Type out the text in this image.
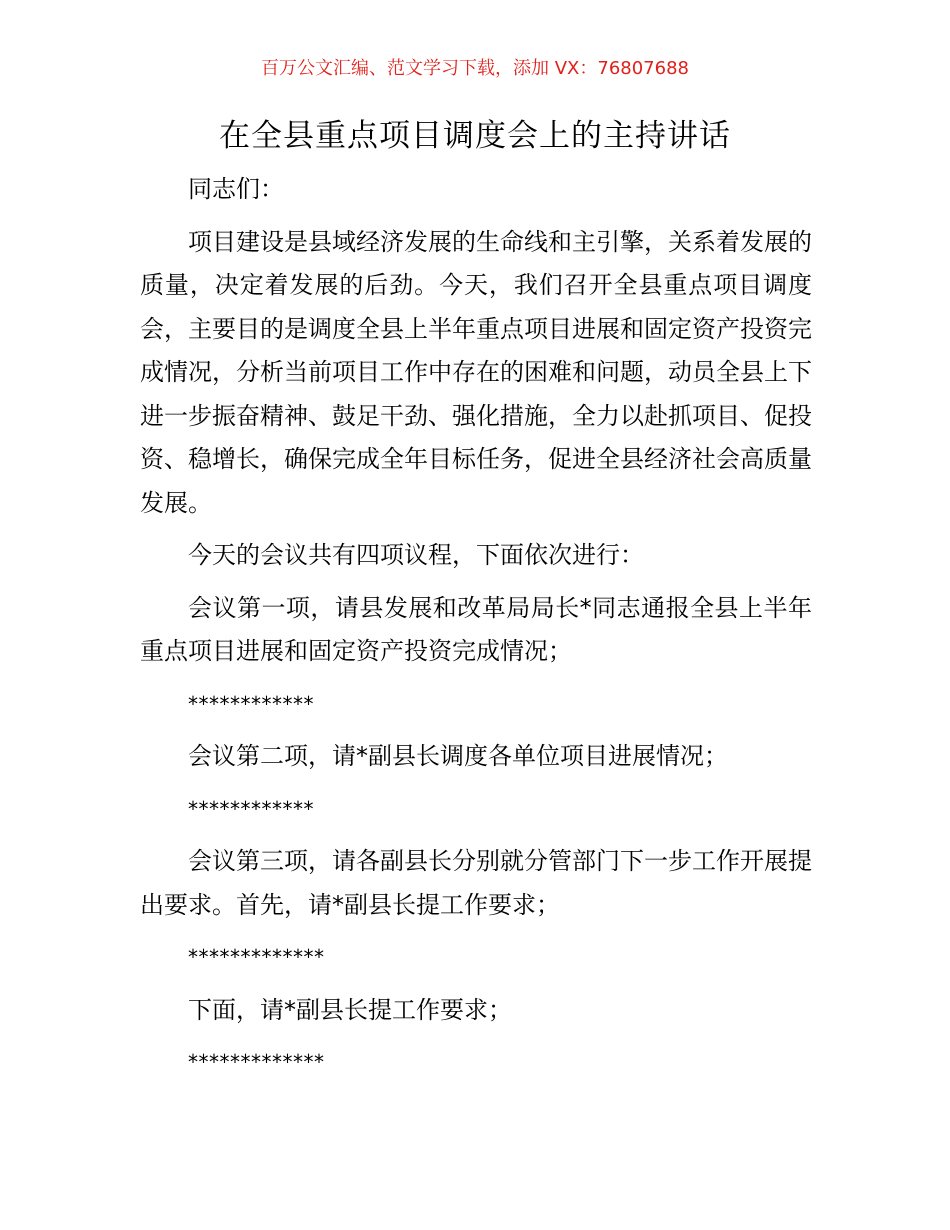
百万公文汇编、范文学习下载，添加 VX：76807688
在全县重点项目调度会上的主持讲话

同志们：

项目建设是县域经济发展的生命线和主引擎，关系着发展的质量，决定着发展的后劲。今天，我们召开全县重点项目调度会，主要目的是调度全县上半年重点项目进展和固定资产投资完成情况，分析当前项目工作中存在的困难和问题，动员全县上下进一步振奋精神、鼓足干劲、强化措施，全力以赴抓项目、促投资、稳增长，确保完成全年目标任务，促进全县经济社会高质量发展。

今天的会议共有四项议程，下面依次进行：

会议第一项，请县发展和改革局局长*同志通报全县上半年重点项目进展和固定资产投资完成情况；

************

会议第二项，请*副县长调度各单位项目进展情况；

************

会议第三项，请各副县长分别就分管部门下一步工作开展提出要求。首先，请*副县长提工作要求；

*************

下面，请*副县长提工作要求；

*************
